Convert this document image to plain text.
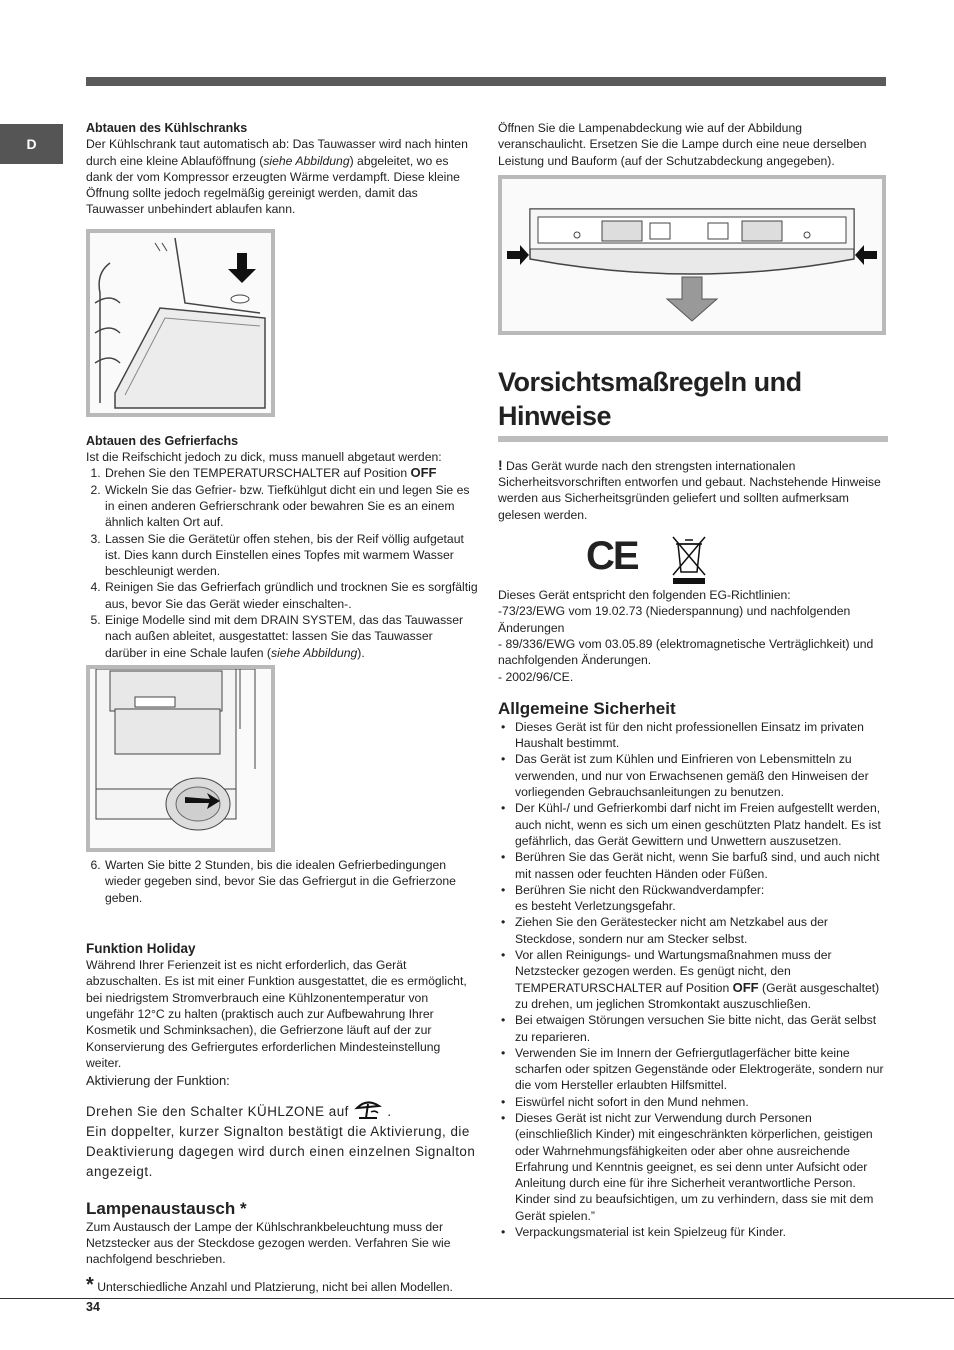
D
Abtauen des Kühlschranks

Der Kühlschrank taut automatisch ab: Das Tauwasser wird nach hinten durch eine kleine Ablauföffnung (siehe Abbildung) abgeleitet, wo es dank der vom Kompressor erzeugten Wärme verdampft. Diese kleine Öffnung sollte jedoch regelmäßig gereinigt werden, damit das Tauwasser unbehindert ablaufen kann.

Abtauen des Gefrierfachs

Ist die Reifschicht jedoch zu dick, muss manuell abgetaut werden:

1. Drehen Sie den TEMPERATURSCHALTER auf Position OFF
2. Wickeln Sie das Gefrier- bzw. Tiefkühlgut dicht ein und legen Sie es in einen anderen Gefrierschrank oder bewahren Sie es an einem ähnlich kalten Ort auf.
3. Lassen Sie die Gerätetür offen stehen, bis der Reif völlig aufgetaut ist. Dies kann durch Einstellen eines Topfes mit warmem Wasser beschleunigt werden.
4. Reinigen Sie das Gefrierfach gründlich und trocknen Sie es sorgfältig aus, bevor Sie das Gerät wieder einschalten-.
5. Einige Modelle sind mit dem DRAIN SYSTEM, das das Tauwasser nach außen ableitet, ausgestattet: lassen Sie das Tauwasser darüber in eine Schale laufen (siehe Abbildung).
6. Warten Sie bitte 2 Stunden, bis die idealen Gefrierbedingungen wieder gegeben sind, bevor Sie das Gefriergut in die Gefrierzone geben.
Funktion Holiday

Während Ihrer Ferienzeit ist es nicht erforderlich, das Gerät abzuschalten. Es ist mit einer Funktion ausgestattet, die es ermöglicht, bei niedrigstem Stromverbrauch eine Kühlzonentemperatur von ungefähr 12°C zu halten (praktisch auch zur Aufbewahrung Ihrer Kosmetik und Schminksachen), die Gefrierzone läuft auf der zur Konservierung des Gefriergutes erforderlichen Mindesteinstellung weiter.

Aktivierung der Funktion:

Drehen Sie den Schalter KÜHLZONE auf	.

Ein doppelter, kurzer Signalton bestätigt die Aktivierung, die Deaktivierung dagegen wird durch einen einzelnen Signalton angezeigt.

Lampenaustausch *

Zum Austausch der Lampe der Kühlschrankbeleuchtung muss der Netzstecker aus der Steckdose gezogen werden. Verfahren Sie wie nachfolgend beschrieben.

* Unterschiedliche Anzahl und Platzierung, nicht bei allen Modellen.

Öffnen Sie die Lampenabdeckung wie auf der Abbildung veranschaulicht. Ersetzen Sie die Lampe durch eine neue derselben Leistung und Bauform (auf der Schutzabdeckung angegeben).

Vorsichtsmaßregeln und Hinweise

! Das Gerät wurde nach den strengsten internationalen Sicherheitsvorschriften entworfen und gebaut. Nachstehende Hinweise werden aus Sicherheitsgründen geliefert und sollten aufmerksam gelesen werden.

CE

Dieses Gerät entspricht den folgenden EG-Richtlinien:

-73/23/EWG vom 19.02.73 (Niederspannung) und nachfolgenden Änderungen

- 89/336/EWG vom 03.05.89 (elektromagnetische Verträglichkeit) und nachfolgenden Änderungen.

- 2002/96/CE.

Allgemeine Sicherheit
• Dieses Gerät ist für den nicht professionellen Einsatz im privaten Haushalt bestimmt.
• Das Gerät ist zum Kühlen und Einfrieren von Lebensmitteln zu verwenden, und nur von Erwachsenen gemäß den Hinweisen der vorliegenden Gebrauchsanleitungen zu benutzen.
• Der Kühl-/ und Gefrierkombi darf nicht im Freien aufgestellt werden, auch nicht, wenn es sich um einen geschützten Platz handelt. Es ist gefährlich, das Gerät Gewittern und Unwettern auszusetzen.
• Berühren Sie das Gerät nicht, wenn Sie barfuß sind, und auch nicht mit nassen oder feuchten Händen oder Füßen.
• Berühren Sie nicht den Rückwandverdampfer:
es besteht Verletzungsgefahr.
• Ziehen Sie den Gerätestecker nicht am Netzkabel aus der Steckdose, sondern nur am Stecker selbst.
• Vor allen Reinigungs- und Wartungsmaßnahmen muss der Netzstecker gezogen werden. Es genügt nicht, den TEMPERATURSCHALTER auf Position OFF (Gerät ausgeschaltet) zu drehen, um jeglichen Stromkontakt auszuschließen.
• Bei etwaigen Störungen versuchen Sie bitte nicht, das Gerät selbst zu reparieren.
• Verwenden Sie im Innern der Gefriergutlagerfächer bitte keine scharfen oder spitzen Gegenstände oder Elektrogeräte, sondern nur die vom Hersteller erlaubten Hilfsmittel.
• Eiswürfel nicht sofort in den Mund nehmen.
• Dieses Gerät ist nicht zur Verwendung durch Personen (einschließlich Kinder) mit eingeschränkten körperlichen, geistigen oder Wahrnehmungsfähigkeiten oder aber ohne ausreichende Erfahrung und Kenntnis geeignet, es sei denn unter Aufsicht oder Anleitung durch eine für ihre Sicherheit verantwortliche Person. Kinder sind zu beaufsichtigen, um zu verhindern, dass sie mit dem Gerät spielen.”
• Verpackungsmaterial ist kein Spielzeug für Kinder.
34
